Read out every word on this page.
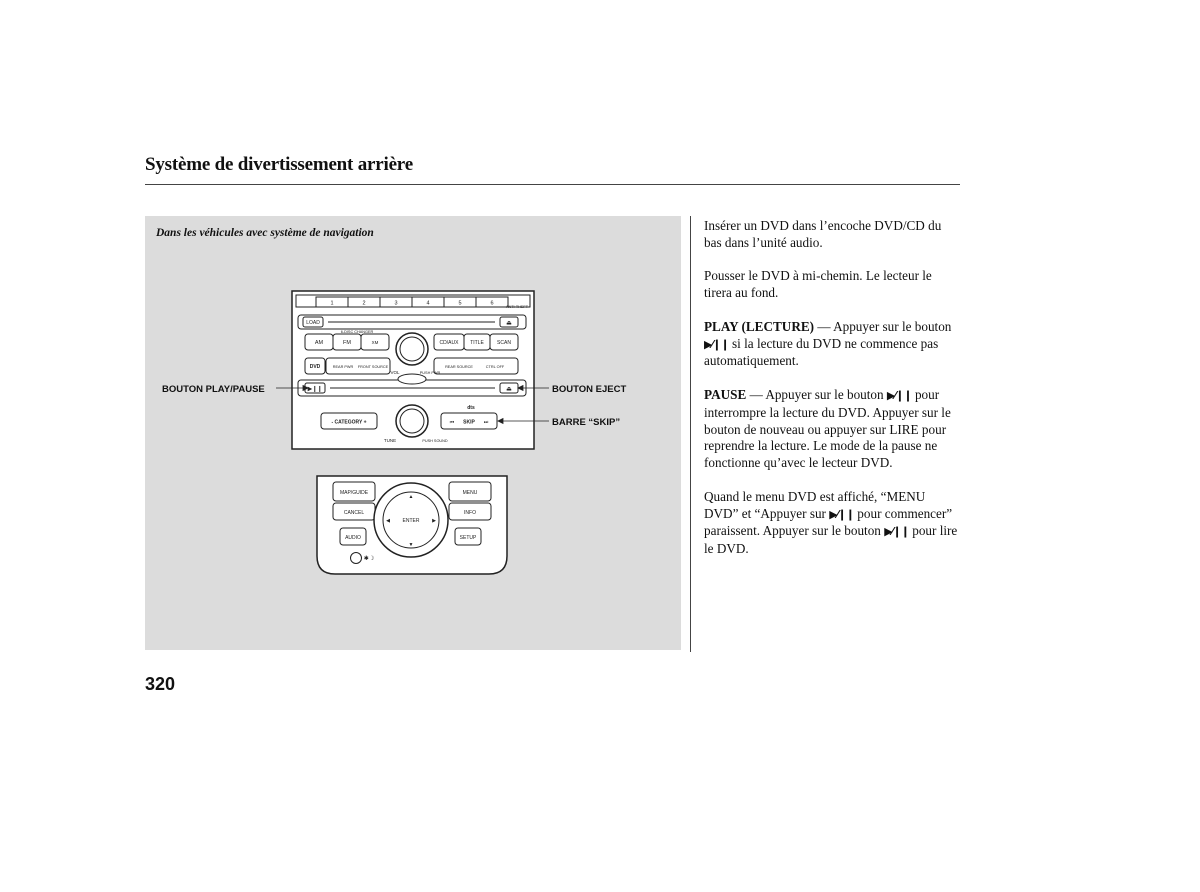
Système de divertissement arrière
Dans les véhicules avec système de navigation
1	2	3	4	5	6
ANTI-THEFT
LOAD	⏏
6-DISC CHANGER
AM	FM	XM	CD/AUX TITLE	SCAN
DVD	REAR PWR FRONT SOURCE	REAR SOURCE	CTRL OFF
VOL	PUSH PWR
▶❙❙	⏏
dts
- CATEGORY +	SKIP
⏮	⏭
TUNE	PUSH SOUND
MAP/GUIDE	MENU
CANCEL	INFO
AUDIO	SETUP
ENTER
▲
▼
◀	▶
✱☽
BOUTON PLAY/PAUSE	BOUTON EJECT
BARRE “SKIP”

Insérer un DVD dans l’encoche DVD/CD du bas dans l’unité audio.

Pousser le DVD à mi-chemin. Le lecteur le tirera au fond.

PLAY (LECTURE) — Appuyer sur le bouton ▶⁄❙❙ si la lecture du DVD ne commence pas automatiquement.

PAUSE — Appuyer sur le bouton ▶⁄❙❙ pour interrompre la lecture du DVD. Appuyer sur le bouton de nouveau ou appuyer sur LIRE pour reprendre la lecture. Le mode de la pause ne fonctionne qu’avec le lecteur DVD.

Quand le menu DVD est affiché, “MENU DVD” et “Appuyer sur ▶⁄❙❙ pour commencer” paraissent. Appuyer sur le bouton ▶⁄❙❙ pour lire le DVD.

320
